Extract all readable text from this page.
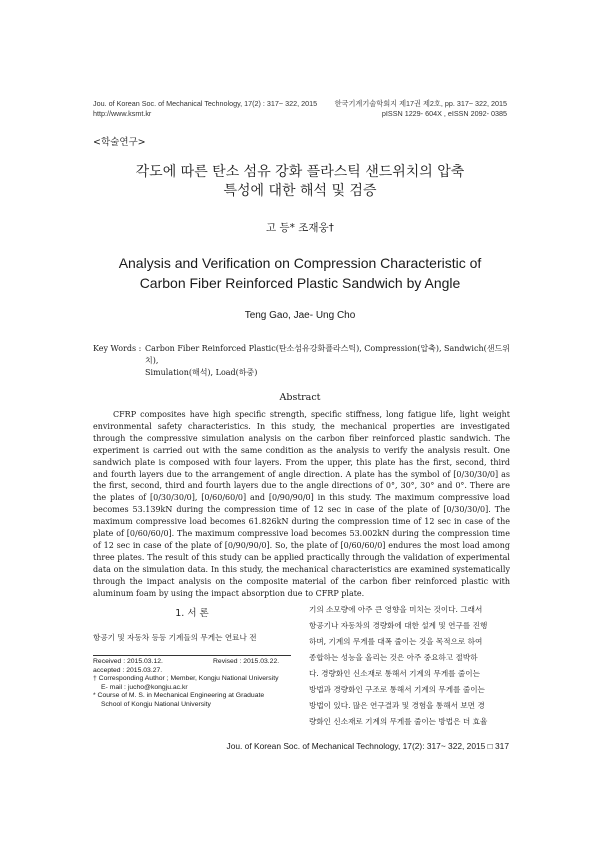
Jou. of Korean Soc. of Mechanical Technology, 17(2) : 317~ 322, 2015
http://www.ksmt.kr
한국기계기술학회지 제17권 제2호, pp. 317~ 322, 2015
pISSN 1229- 604X , eISSN 2092- 0385
<학술연구>
각도에 따른 탄소 섬유 강화 플라스틱 샌드위치의 압축
특성에 대한 해석 및 검증
고 등* 조재웅†
Analysis and Verification on Compression Characteristic of
Carbon Fiber Reinforced Plastic Sandwich by Angle
Teng Gao, Jae- Ung Cho
Key Words : Carbon Fiber Reinforced Plastic(탄소섬유강화플라스틱), Compression(압축), Sandwich(샌드위치),
Simulation(해석), Load(하중)
Abstract
CFRP composites have high specific strength, specific stiffness, long fatigue life, light weight environmental safety characteristics. In this study, the mechanical properties are investigated through the compressive simulation analysis on the carbon fiber reinforced plastic sandwich. The experiment is carried out with the same condition as the analysis to verify the analysis result. One sandwich plate is composed with four layers. From the upper, this plate has the first, second, third and fourth layers due to the arrangement of angle direction. A plate has the symbol of [0/30/30/0] as the first, second, third and fourth layers due to the angle directions of 0°, 30°, 30° and 0°. There are the plates of [0/30/30/0], [0/60/60/0] and [0/90/90/0] in this study. The maximum compressive load becomes 53.139kN during the compression time of 12 sec in case of the plate of [0/30/30/0]. The maximum compressive load becomes 61.826kN during the compression time of 12 sec in case of the plate of [0/60/60/0]. The maximum compressive load becomes 53.002kN during the compression time of 12 sec in case of the plate of [0/90/90/0]. So, the plate of [0/60/60/0] endures the most load among three plates. The result of this study can be applied practically through the validation of experimental data on the simulation data. In this study, the mechanical characteristics are examined systematically through the impact analysis on the composite material of the carbon fiber reinforced plastic with aluminum foam by using the impact absorption due to CFRP plate.
1. 서 론
항공기 및 자동차 등등 기계들의 무게는 연료나 전
Received : 2015.03.12.	Revised : 2015.03.22.
accepted : 2015.03.27.
† Corresponding Author ; Member, Kongju National University
E- mail : jucho@kongju.ac.kr
* Course of M. S. in Mechanical Engineering at Graduate
School of Kongju National University
기의 소모량에 아주 큰 영향을 미치는 것이다. 그래서
항공기나 자동차의 경량화에 대한 설계 및 연구를 진행
하며, 기계의 무게를 대폭 줄이는 것을 목적으로 하여
종합하는 성능을 올리는 것은 아주 중요하고 절박하
다. 경량화인 신소재로 통해서 기계의 무게를 줄이는
방법과 경량화인 구조로 통해서 기계의 무게를 줄이는
방법이 있다. 많은 연구결과 및 경험을 통해서 보면 경
량화인 신소재로 기계의 무게를 줄이는 방법은 더 효율
Jou. of Korean Soc. of Mechanical Technology, 17(2): 317~ 322, 2015 □ 317
